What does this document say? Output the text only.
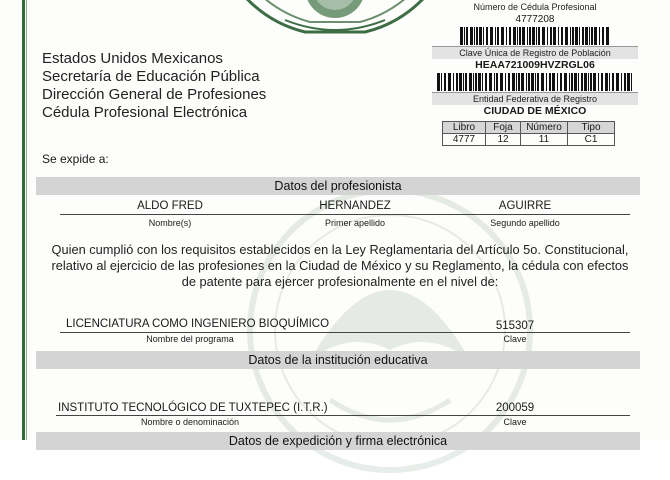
Estados Unidos Mexicanos
Secretaría de Educación Pública
Dirección General de Profesiones
Cédula Profesional Electrónica
Número de Cédula Profesional
4777208
Clave Única de Registro de Población
HEAA721009HVZRGL06
Entidad Federativa de Registro
CIUDAD DE MÉXICO
Libro	Foja	Número	Tipo
4777	12	11	C1
Se expide a:
Datos del profesionista
ALDO FRED	HERNANDEZ	AGUIRRE
Nombre(s)	Primer apellido	Segundo apellido
Quien cumplió con los requisitos establecidos en la Ley Reglamentaria del Artículo 5o. Constitucional, relativo al ejercicio de las profesiones en la Ciudad de México y su Reglamento, la cédula con efectos de patente para ejercer profesionalmente en el nivel de:
LICENCIATURA COMO INGENIERO BIOQUÍMICO	515307
Nombre del programa	Clave
Datos de la institución educativa
INSTITUTO TECNOLÓGICO DE TUXTEPEC (I.T.R.)	200059
Nombre o denominación	Clave
Datos de expedición y firma electrónica
